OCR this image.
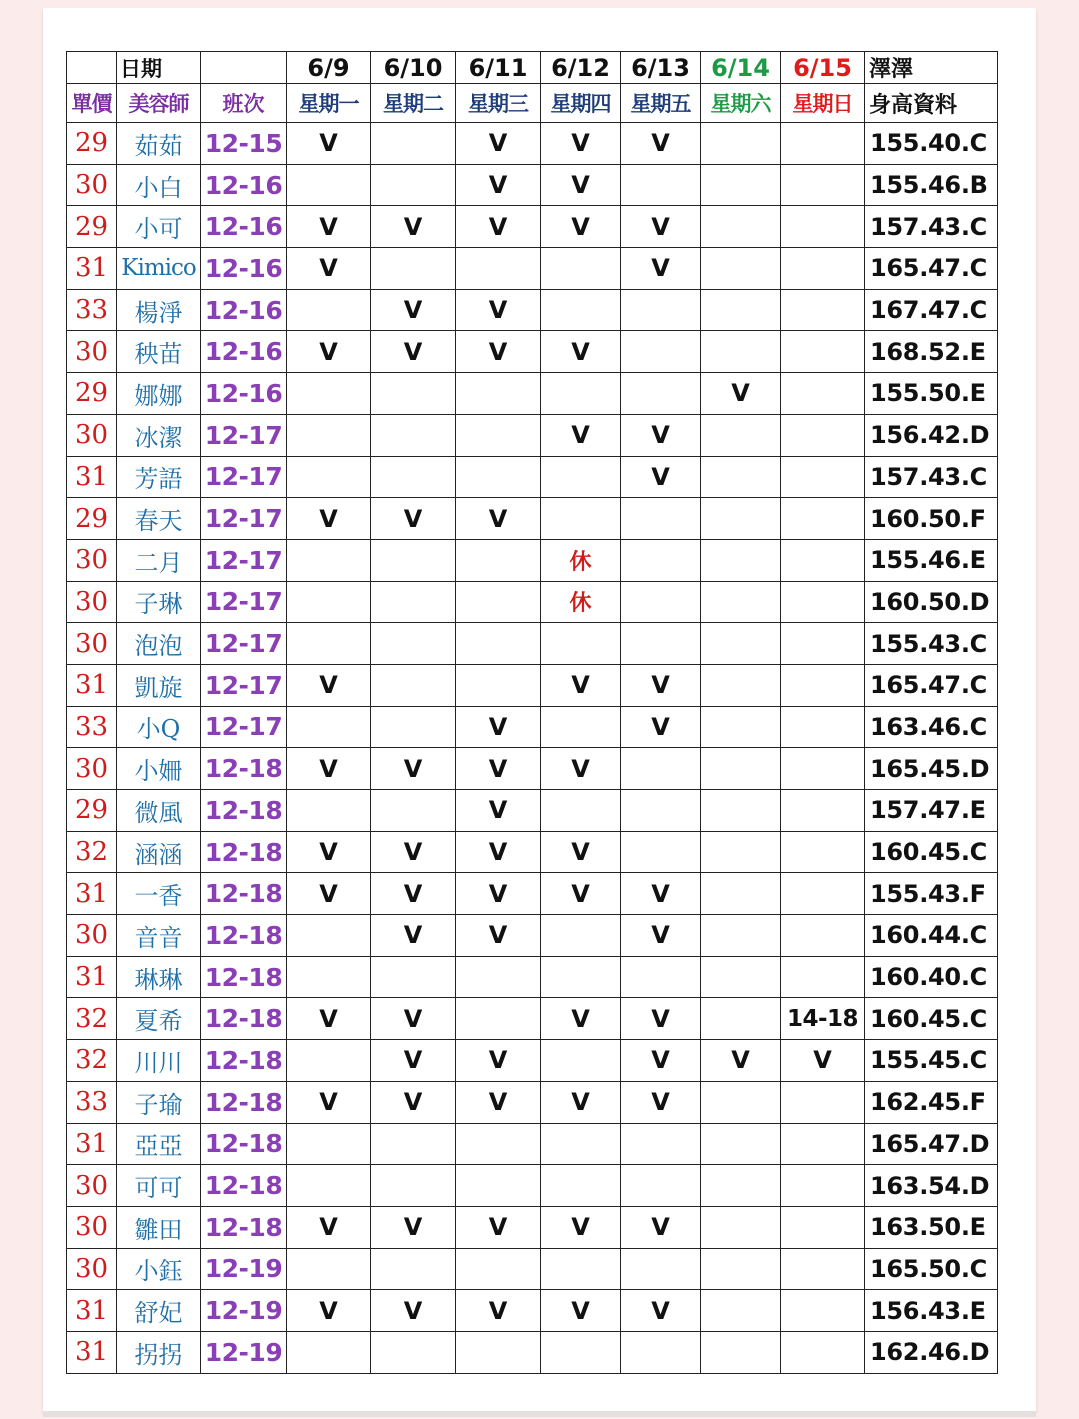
	日期		6/9	6/10	6/11	6/12	6/13	6/14	6/15	澤澤
單價	美容師	班次	星期一	星期二	星期三	星期四	星期五	星期六	星期日	身高資料
29	茹茹	12-15	V		V	V	V			155.40.C
30	小白	12-16			V	V				155.46.B
29	小可	12-16	V	V	V	V	V			157.43.C
31	Kimico	12-16	V				V			165.47.C
33	楊淨	12-16		V	V					167.47.C
30	秧苗	12-16	V	V	V	V				168.52.E
29	娜娜	12-16						V		155.50.E
30	冰潔	12-17				V	V			156.42.D
31	芳語	12-17					V			157.43.C
29	春天	12-17	V	V	V					160.50.F
30	二月	12-17				休				155.46.E
30	子琳	12-17				休				160.50.D
30	泡泡	12-17								155.43.C
31	凱旋	12-17	V			V	V			165.47.C
33	小Q	12-17			V		V			163.46.C
30	小姍	12-18	V	V	V	V				165.45.D
29	微風	12-18			V					157.47.E
32	涵涵	12-18	V	V	V	V				160.45.C
31	一香	12-18	V	V	V	V	V			155.43.F
30	音音	12-18		V	V		V			160.44.C
31	琳琳	12-18								160.40.C
32	夏希	12-18	V	V		V	V		14-18	160.45.C
32	川川	12-18		V	V		V	V	V	155.45.C
33	子瑜	12-18	V	V	V	V	V			162.45.F
31	亞亞	12-18								165.47.D
30	可可	12-18								163.54.D
30	雛田	12-18	V	V	V	V	V			163.50.E
30	小鈺	12-19								165.50.C
31	舒妃	12-19	V	V	V	V	V			156.43.E
31	拐拐	12-19								162.46.D
